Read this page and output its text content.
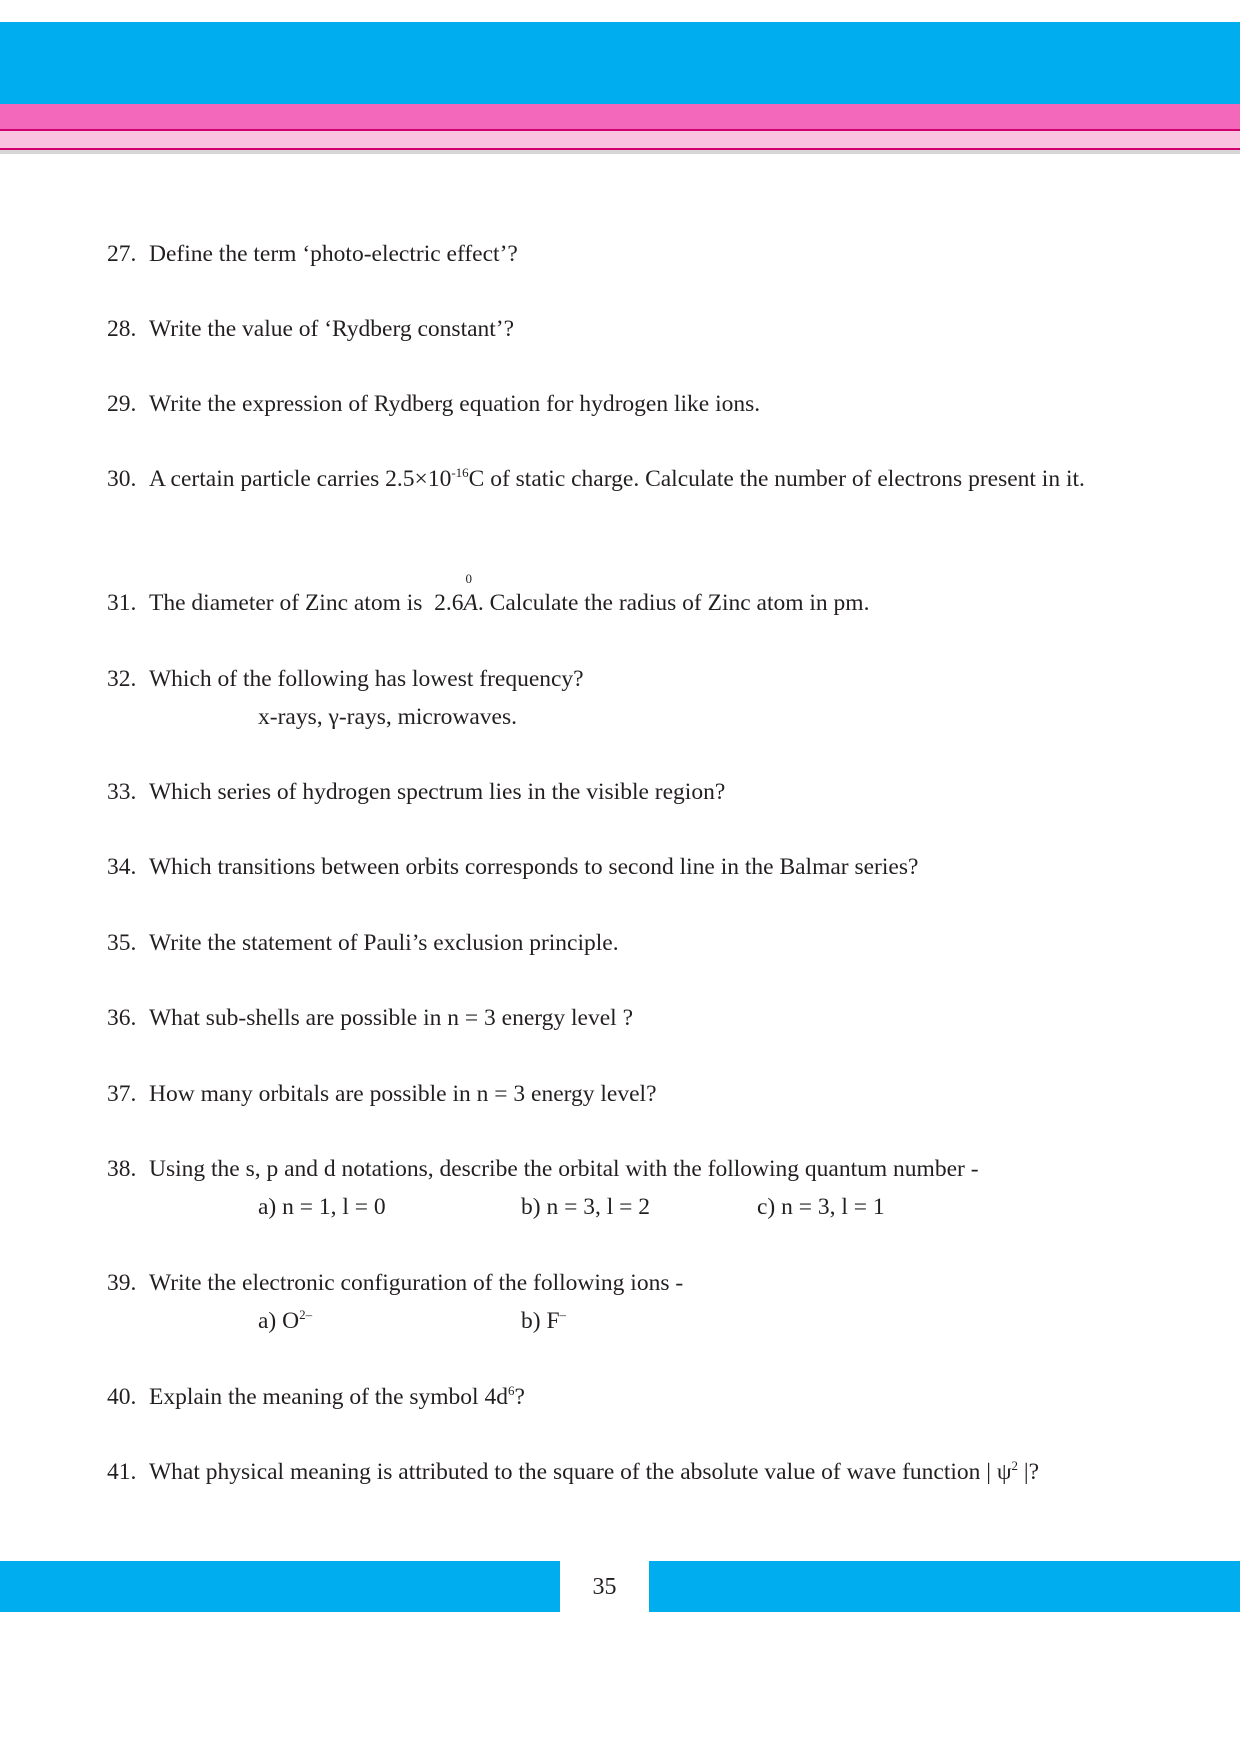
27. Define the term ‘photo-electric effect’?
28. Write the value of ‘Rydberg constant’?
29. Write the expression of Rydberg equation for hydrogen like ions.
30. A certain particle carries $2.5\times 10^{-16}C$ of static charge. Calculate the number of electrons present in it.
31. The diameter of Zinc atom is 2.6
0
A. Calculate the radius of Zinc atom in pm.
32. Which of the following has lowest frequency?
x-rays, γ-rays, microwaves.
33. Which series of hydrogen spectrum lies in the visible region?
34. Which transitions between orbits corresponds to second line in the Balmar series?
35. Write the statement of Pauli’s exclusion principle.
36. What sub-shells are possible in n = 3 energy level ?
37. How many orbitals are possible in n = 3 energy level?
38. Using the s, p and d notations, describe the orbital with the following quantum number -
a) n = 1, l = 0	b) n = 3, l = 2	c) n = 3, l = 1
39. Write the electronic configuration of the following ions -
a) $O^{2-}$	b) F–
40. Explain the meaning of the symbol $4d^6$?
41. What physical meaning is attributed to the square of the absolute value of wave function | $\psi^2$ |?
35
